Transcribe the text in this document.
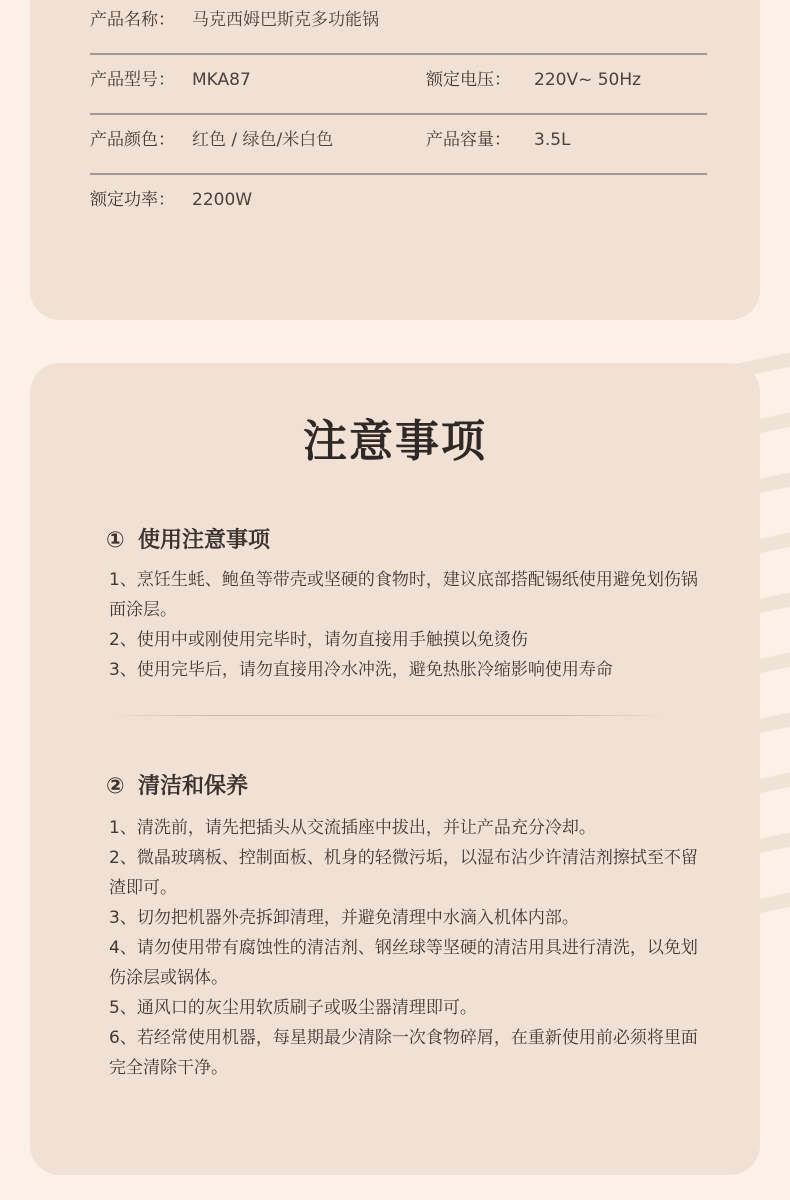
产品名称： 马克西姆巴斯克多功能锅
产品型号： MKA87	额定电压： 220V~ 50Hz
产品颜色： 红色 / 绿色/米白色	产品容量： 3.5L
额定功率： 2200W
注意事项
① 使用注意事项

1、烹饪生蚝、鲍鱼等带壳或坚硬的食物时，建议底部搭配锡纸使用避免划伤锅面涂层。

2、使用中或刚使用完毕时，请勿直接用手触摸以免烫伤

3、使用完毕后，请勿直接用冷水冲洗，避免热胀冷缩影响使用寿命

② 清洁和保养

1、清洗前，请先把插头从交流插座中拔出，并让产品充分冷却。

2、微晶玻璃板、控制面板、机身的轻微污垢，以湿布沾少许清洁剂擦拭至不留渣即可。

3、切勿把机器外壳拆卸清理，并避免清理中水滴入机体内部。

4、请勿使用带有腐蚀性的清洁剂、钢丝球等坚硬的清洁用具进行清洗，以免划伤涂层或锅体。

5、通风口的灰尘用软质刷子或吸尘器清理即可。

6、若经常使用机器，每星期最少清除一次食物碎屑，在重新使用前必须将里面完全清除干净。
